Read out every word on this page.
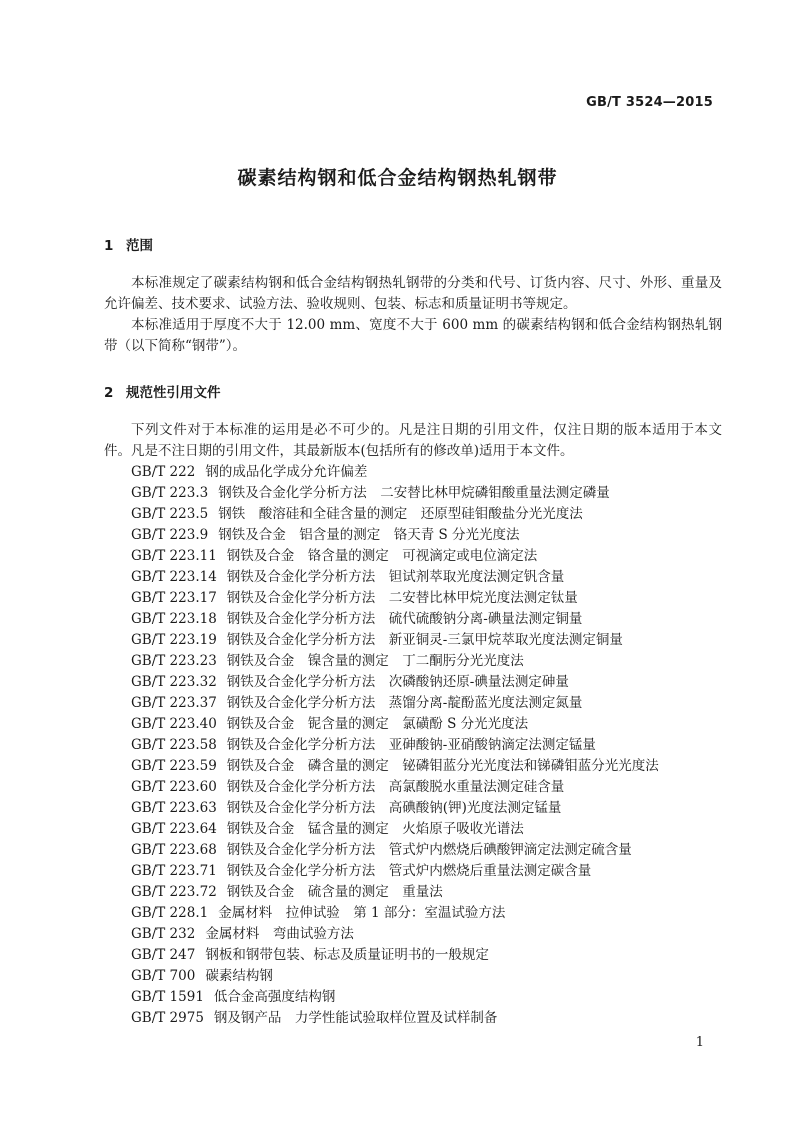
GB/T 3524—2015
碳素结构钢和低合金结构钢热轧钢带
1 范围

本标准规定了碳素结构钢和低合金结构钢热轧钢带的分类和代号、订货内容、尺寸、外形、重量及允许偏差、技术要求、试验方法、验收规则、包装、标志和质量证明书等规定。

本标准适用于厚度不大于 12.00 mm、宽度不大于 600 mm 的碳素结构钢和低合金结构钢热轧钢带（以下简称“钢带”）。

2 规范性引用文件

下列文件对于本标准的运用是必不可少的。凡是注日期的引用文件，仅注日期的版本适用于本文件。凡是不注日期的引用文件，其最新版本(包括所有的修改单)适用于本文件。

GB/T 222 钢的成品化学成分允许偏差
GB/T 223.3 钢铁及合金化学分析方法　二安替比林甲烷磷钼酸重量法测定磷量
GB/T 223.5 钢铁　酸溶硅和全硅含量的测定　还原型硅钼酸盐分光光度法
GB/T 223.9 钢铁及合金　铝含量的测定　铬天青 S 分光光度法
GB/T 223.11 钢铁及合金　铬含量的测定　可视滴定或电位滴定法
GB/T 223.14 钢铁及合金化学分析方法　钽试剂萃取光度法测定钒含量
GB/T 223.17 钢铁及合金化学分析方法　二安替比林甲烷光度法测定钛量
GB/T 223.18 钢铁及合金化学分析方法　硫代硫酸钠分离-碘量法测定铜量
GB/T 223.19 钢铁及合金化学分析方法　新亚铜灵-三氯甲烷萃取光度法测定铜量
GB/T 223.23 钢铁及合金　镍含量的测定　丁二酮肟分光光度法
GB/T 223.32 钢铁及合金化学分析方法　次磷酸钠还原-碘量法测定砷量
GB/T 223.37 钢铁及合金化学分析方法　蒸馏分离-靛酚蓝光度法测定氮量
GB/T 223.40 钢铁及合金　铌含量的测定　氯磺酚 S 分光光度法
GB/T 223.58 钢铁及合金化学分析方法　亚砷酸钠-亚硝酸钠滴定法测定锰量
GB/T 223.59 钢铁及合金　磷含量的测定　铋磷钼蓝分光光度法和锑磷钼蓝分光光度法
GB/T 223.60 钢铁及合金化学分析方法　高氯酸脱水重量法测定硅含量
GB/T 223.63 钢铁及合金化学分析方法　高碘酸钠(钾)光度法测定锰量
GB/T 223.64 钢铁及合金　锰含量的测定　火焰原子吸收光谱法
GB/T 223.68 钢铁及合金化学分析方法　管式炉内燃烧后碘酸钾滴定法测定硫含量
GB/T 223.71 钢铁及合金化学分析方法　管式炉内燃烧后重量法测定碳含量
GB/T 223.72 钢铁及合金　硫含量的测定　重量法
GB/T 228.1 金属材料　拉伸试验　第 1 部分：室温试验方法
GB/T 232 金属材料　弯曲试验方法
GB/T 247 钢板和钢带包装、标志及质量证明书的一般规定
GB/T 700 碳素结构钢
GB/T 1591 低合金高强度结构钢
GB/T 2975 钢及钢产品　力学性能试验取样位置及试样制备
1
